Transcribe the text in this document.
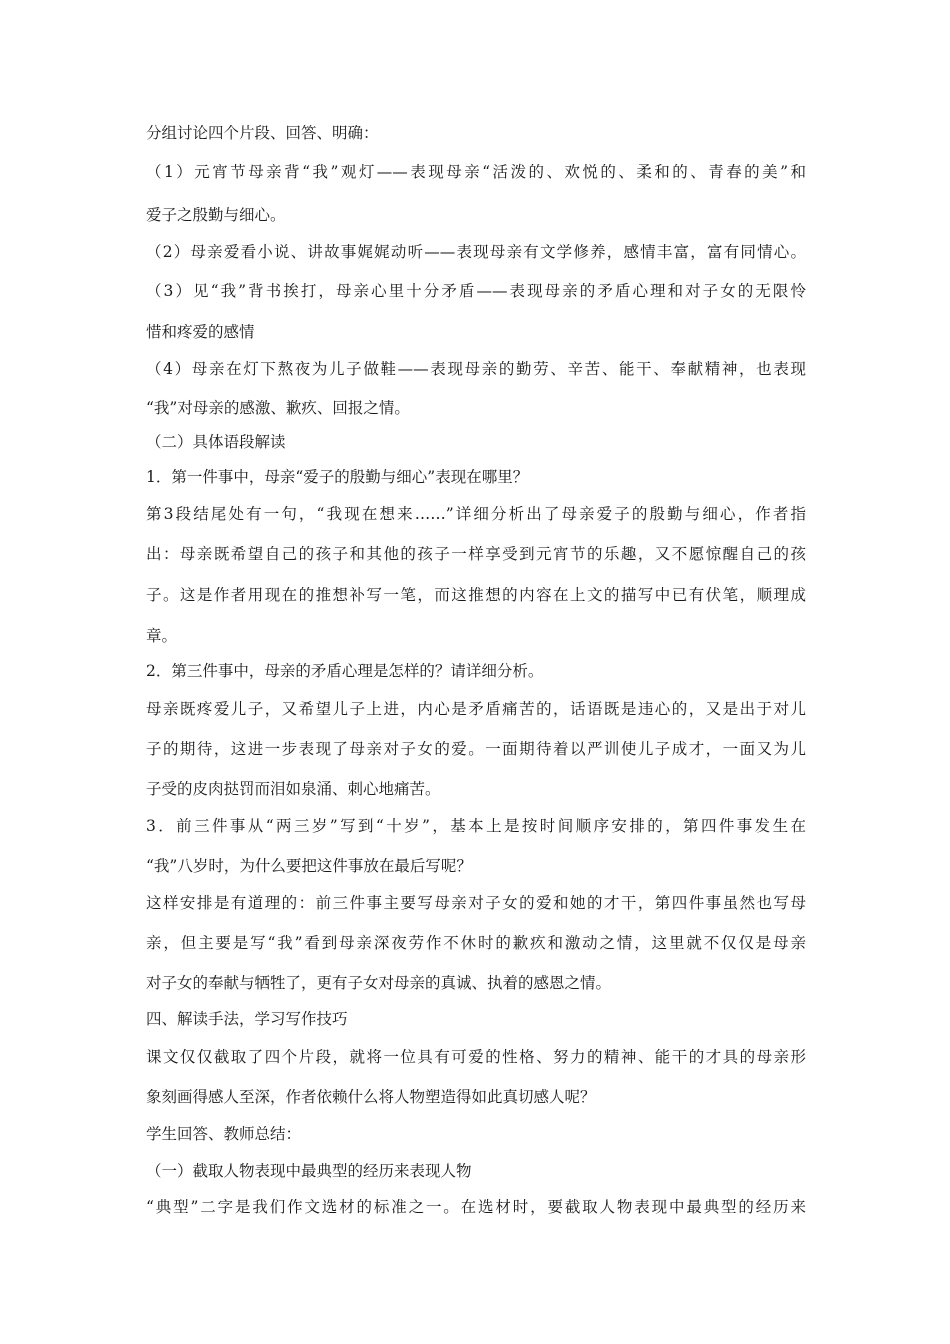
分组讨论四个片段、回答、明确：
（1）元宵节母亲背“我”观灯——表现母亲“活泼的、欢悦的、柔和的、青春的美”和
爱子之殷勤与细心。
（2）母亲爱看小说、讲故事娓娓动听——表现母亲有文学修养，感情丰富，富有同情心。
（3）见“我”背书挨打，母亲心里十分矛盾——表现母亲的矛盾心理和对子女的无限怜
惜和疼爱的感情
（4）母亲在灯下熬夜为儿子做鞋——表现母亲的勤劳、辛苦、能干、奉献精神，也表现
“我”对母亲的感激、歉疚、回报之情。
（二）具体语段解读
1．第一件事中，母亲“爱子的殷勤与细心”表现在哪里？
第3段结尾处有一句，“我现在想来……”详细分析出了母亲爱子的殷勤与细心，作者指
出：母亲既希望自己的孩子和其他的孩子一样享受到元宵节的乐趣，又不愿惊醒自己的孩
子。这是作者用现在的推想补写一笔，而这推想的内容在上文的描写中已有伏笔，顺理成
章。
2．第三件事中，母亲的矛盾心理是怎样的？请详细分析。
母亲既疼爱儿子，又希望儿子上进，内心是矛盾痛苦的，话语既是违心的，又是出于对儿
子的期待，这进一步表现了母亲对子女的爱。一面期待着以严训使儿子成才，一面又为儿
子受的皮肉挞罚而泪如泉涌、刺心地痛苦。
3．前三件事从“两三岁”写到“十岁”，基本上是按时间顺序安排的，第四件事发生在
“我”八岁时，为什么要把这件事放在最后写呢？
这样安排是有道理的：前三件事主要写母亲对子女的爱和她的才干，第四件事虽然也写母
亲，但主要是写“我”看到母亲深夜劳作不休时的歉疚和激动之情，这里就不仅仅是母亲
对子女的奉献与牺牲了，更有子女对母亲的真诚、执着的感恩之情。
四、解读手法，学习写作技巧
课文仅仅截取了四个片段，就将一位具有可爱的性格、努力的精神、能干的才具的母亲形
象刻画得感人至深，作者依赖什么将人物塑造得如此真切感人呢？
学生回答、教师总结：
（一）截取人物表现中最典型的经历来表现人物
“典型”二字是我们作文选材的标准之一。在选材时，要截取人物表现中最典型的经历来
